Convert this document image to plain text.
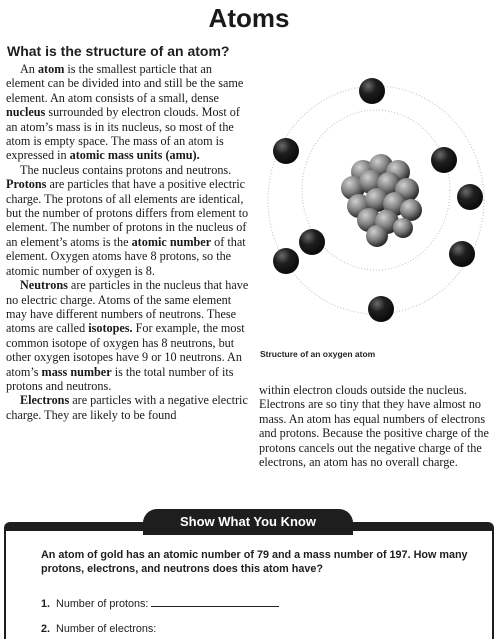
Atoms
What is the structure of an atom?

An atom is the smallest particle that an element can be divided into and still be the same element. An atom consists of a small, dense nucleus surrounded by electron clouds. Most of an atom’s mass is in its nucleus, so most of the atom is empty space. The mass of an atom is expressed in atomic mass units (amu).

The nucleus contains protons and neutrons. Protons are particles that have a positive electric charge. The protons of all elements are identical, but the number of protons differs from element to element. The number of protons in the nucleus of an element’s atoms is the atomic number of that element. Oxygen atoms have 8 protons, so the atomic number of oxygen is 8.

Neutrons are particles in the nucleus that have no electric charge. Atoms of the same element may have different numbers of neutrons. These atoms are called isotopes. For example, the most common isotope of oxygen has 8 neutrons, but other oxygen isotopes have 9 or 10 neutrons. An atom’s mass number is the total number of its protons and neutrons.

Electrons are particles with a negative electric charge. They are likely to be found

Structure of an oxygen atom

within electron clouds outside the nucleus. Electrons are so tiny that they have almost no mass. An atom has equal numbers of electrons and protons. Because the positive charge of the protons cancels out the negative charge of the electrons, an atom has no overall charge.

Show What You Know
An atom of gold has an atomic number of 79 and a mass number of 197. How many protons, electrons, and neutrons does this atom have?
1. Number of protons:
2. Number of electrons:
